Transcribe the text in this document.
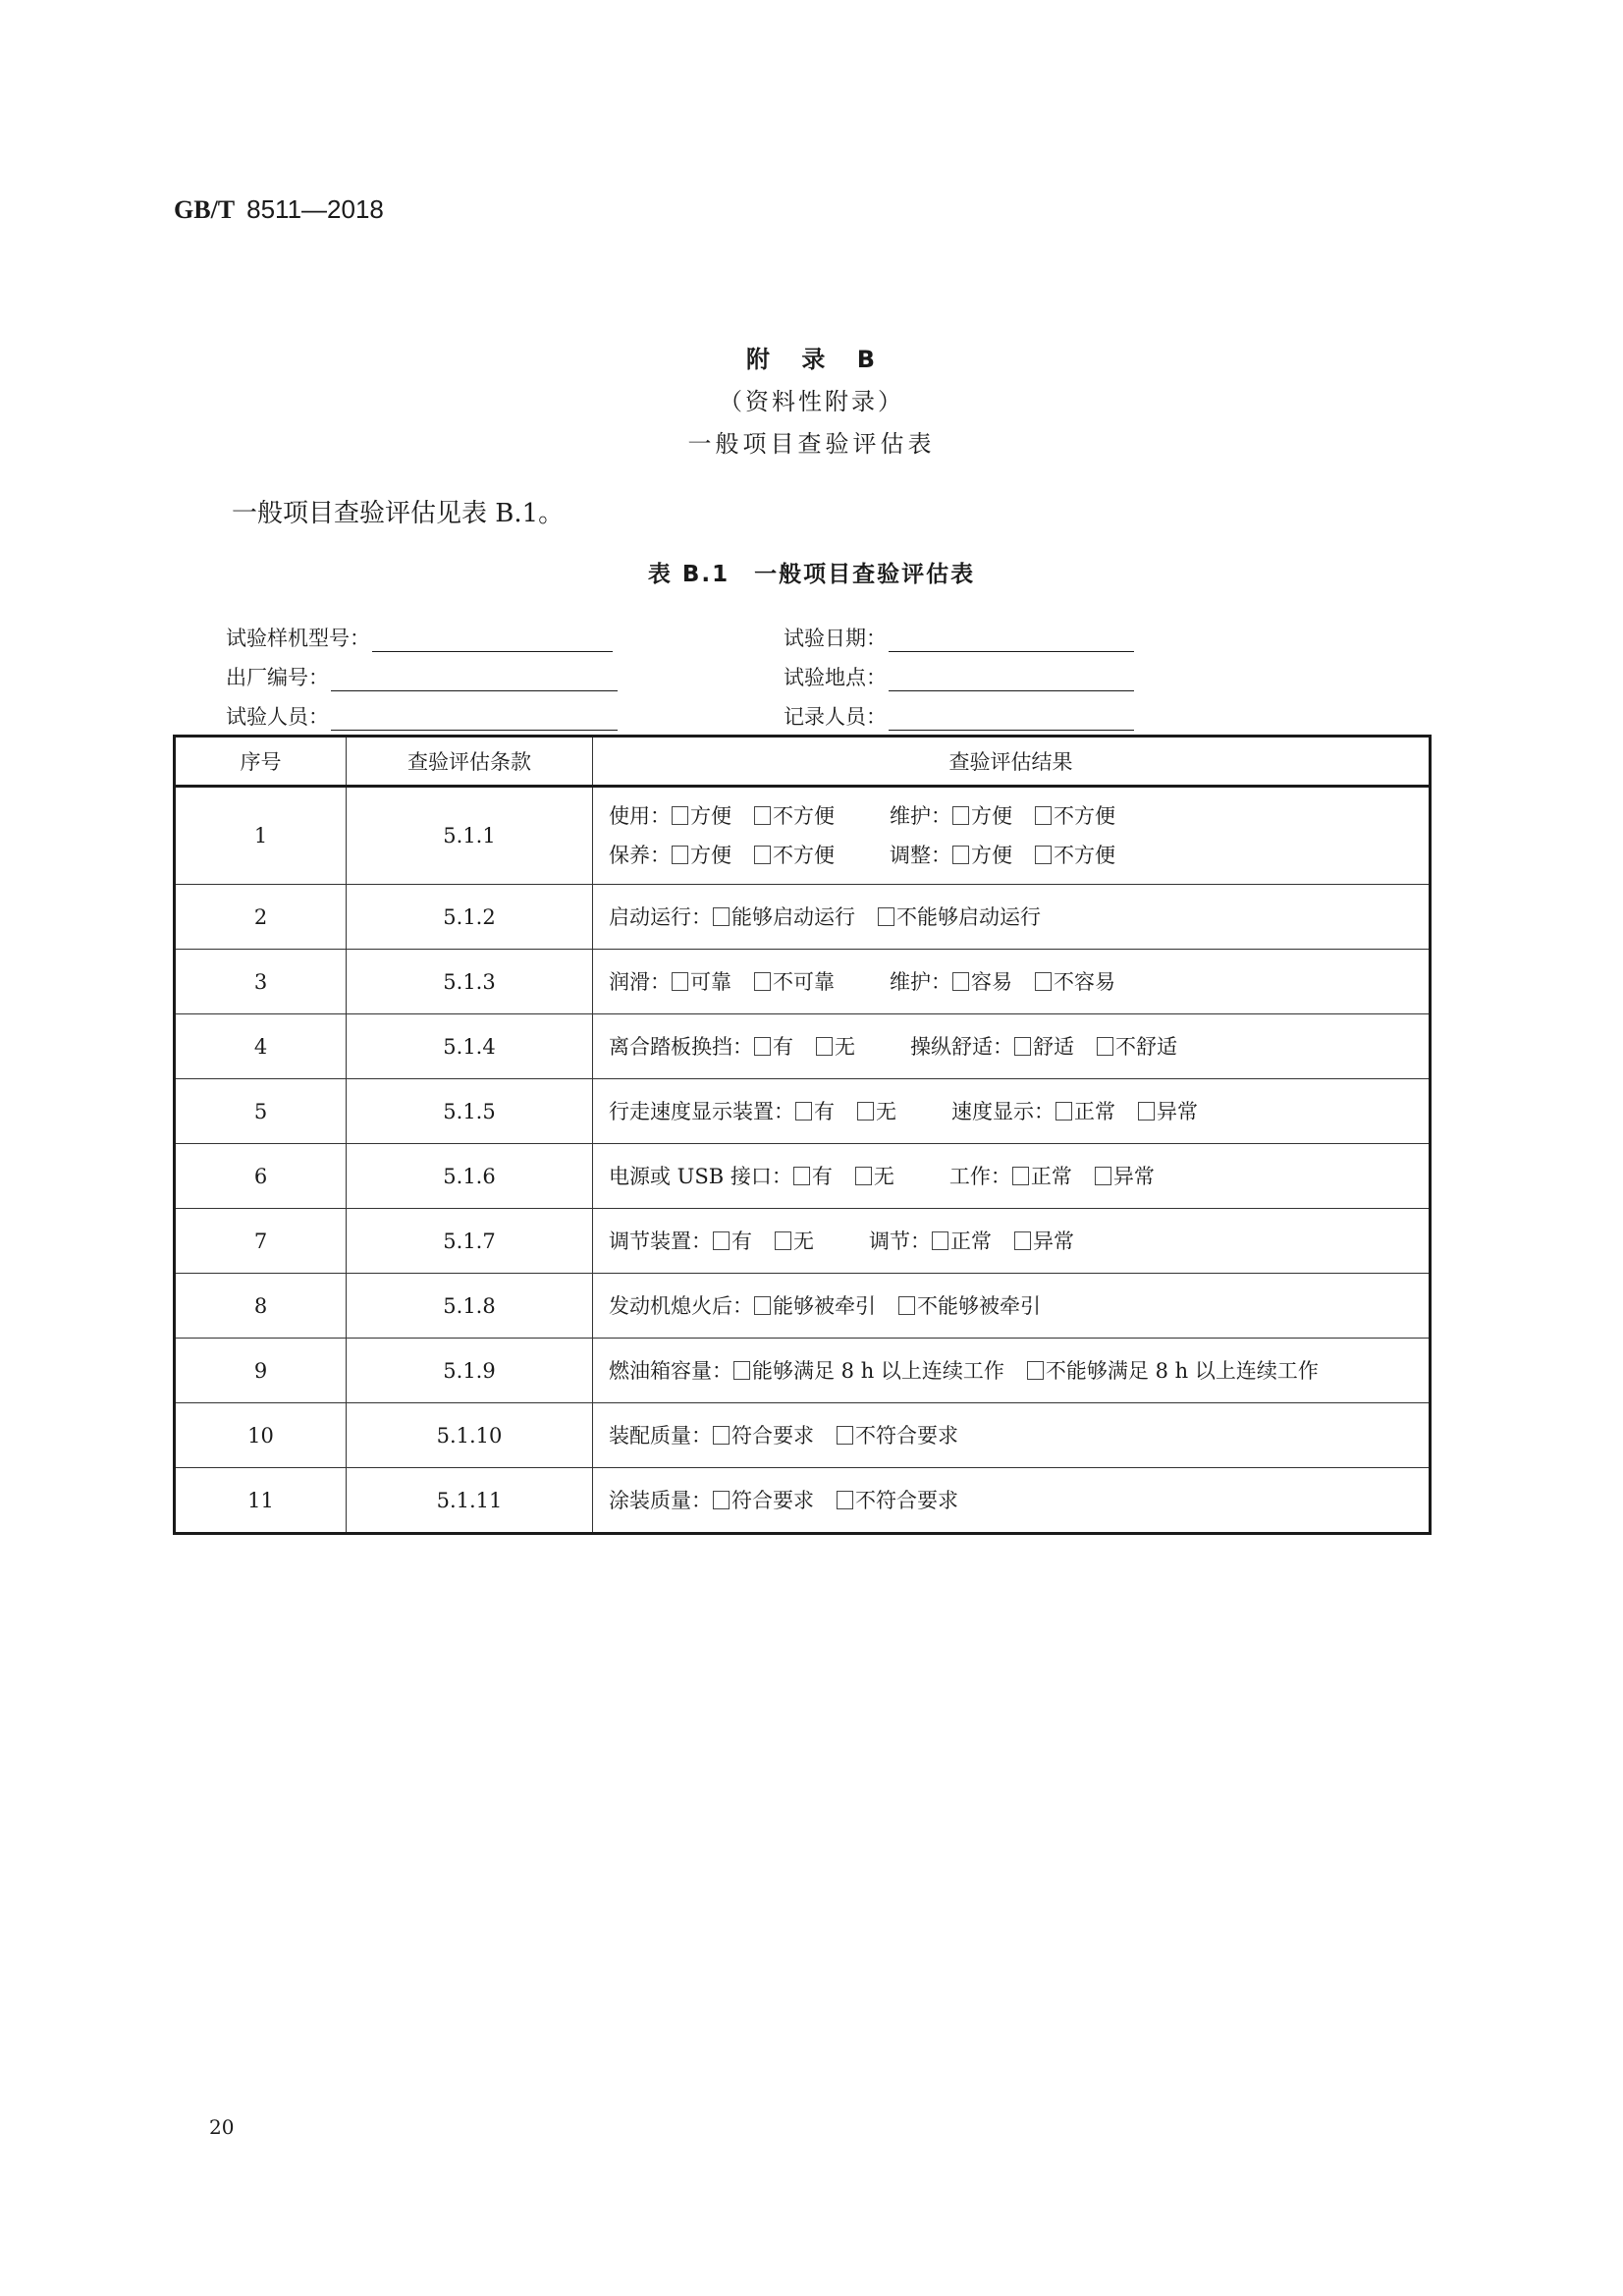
GB/T 8511—2018
附 录 B
（资料性附录）
一般项目查验评估表
一般项目查验评估见表 B.1。
表 B.1　一般项目查验评估表
试验样机型号：
出厂编号：
试验人员：
试验日期：
试验地点：
记录人员：
序号	查验评估条款	查验评估结果
1	5.1.1	使用： 方便 不方便 维护： 方便 不方便
保养： 方便 不方便 调整： 方便 不方便

2	5.1.2	启动运行： 能够启动运行 不能够启动运行

3	5.1.3	润滑： 可靠 不可靠 维护： 容易 不容易

4	5.1.4	离合踏板换挡： 有 无 操纵舒适： 舒适 不舒适

5	5.1.5	行走速度显示装置： 有 无 速度显示： 正常 异常

6	5.1.6	电源或 USB 接口： 有 无 工作： 正常 异常

7	5.1.7	调节装置： 有 无 调节： 正常 异常

8	5.1.8	发动机熄火后： 能够被牵引 不能够被牵引

9	5.1.9	燃油箱容量： 能够满足 8 h 以上连续工作 不能够满足 8 h 以上连续工作

10	5.1.10	装配质量： 符合要求 不符合要求

11	5.1.11	涂装质量： 符合要求 不符合要求
20
